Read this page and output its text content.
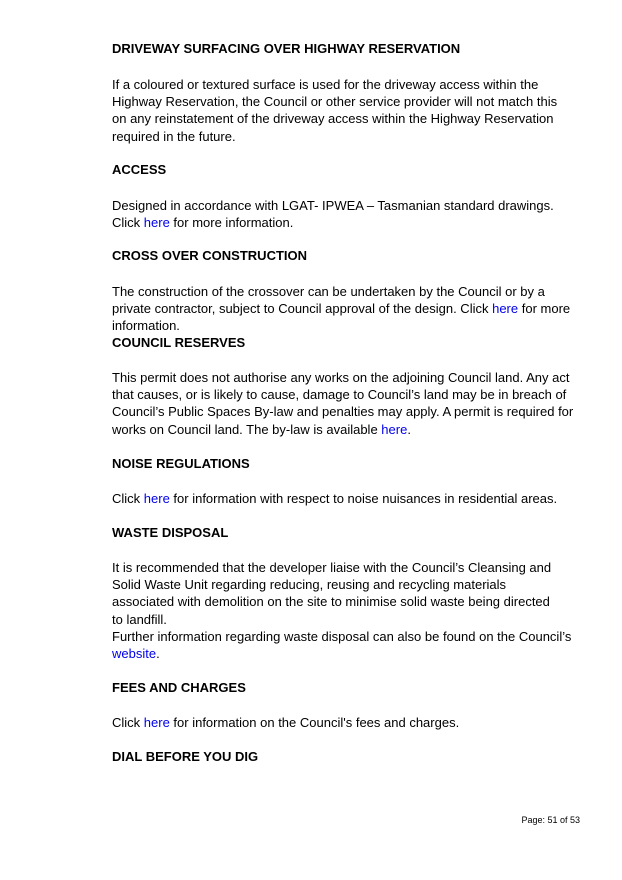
DRIVEWAY SURFACING OVER HIGHWAY RESERVATION

If a coloured or textured surface is used for the driveway access within the Highway Reservation, the Council or other service provider will not match this on any reinstatement of the driveway access within the Highway Reservation required in the future.

ACCESS

Designed in accordance with LGAT- IPWEA – Tasmanian standard drawings. Click here for more information.

CROSS OVER CONSTRUCTION

The construction of the crossover can be undertaken by the Council or by a private contractor, subject to Council approval of the design. Click here for more information.

COUNCIL RESERVES

This permit does not authorise any works on the adjoining Council land. Any act that causes, or is likely to cause, damage to Council’s land may be in breach of Council’s Public Spaces By-law and penalties may apply. A permit is required for works on Council land. The by-law is available here.

NOISE REGULATIONS

Click here for information with respect to noise nuisances in residential areas.

WASTE DISPOSAL

It is recommended that the developer liaise with the Council’s Cleansing and Solid Waste Unit regarding reducing, reusing and recycling materials associated with demolition on the site to minimise solid waste being directed to landfill.

Further information regarding waste disposal can also be found on the Council’s website.

FEES AND CHARGES

Click here for information on the Council's fees and charges.

DIAL BEFORE YOU DIG
Page: 51 of 53
